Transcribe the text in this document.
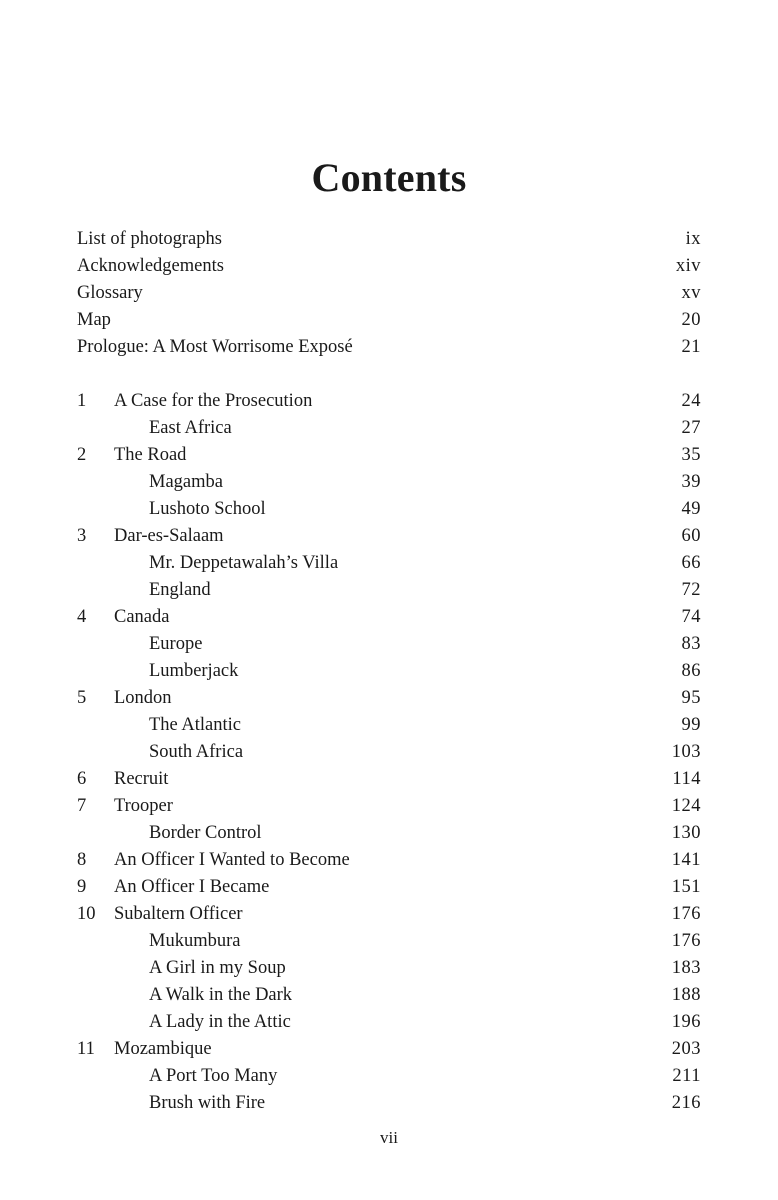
Contents
List of photographs	ix
Acknowledgements	xiv
Glossary	xv
Map	20
Prologue: A Most Worrisome Exposé	21
1	A Case for the Prosecution	24
East Africa	27
2	The Road	35
Magamba	39
Lushoto School	49
3	Dar-es-Salaam	60
Mr. Deppetawalah’s Villa	66
England	72
4	Canada	74
Europe	83
Lumberjack	86
5	London	95
The Atlantic	99
South Africa	103
6	Recruit	114
7	Trooper	124
Border Control	130
8	An Officer I Wanted to Become	141
9	An Officer I Became	151
10	Subaltern Officer	176
Mukumbura	176
A Girl in my Soup	183
A Walk in the Dark	188
A Lady in the Attic	196
11	Mozambique	203
A Port Too Many	211
Brush with Fire	216
vii
